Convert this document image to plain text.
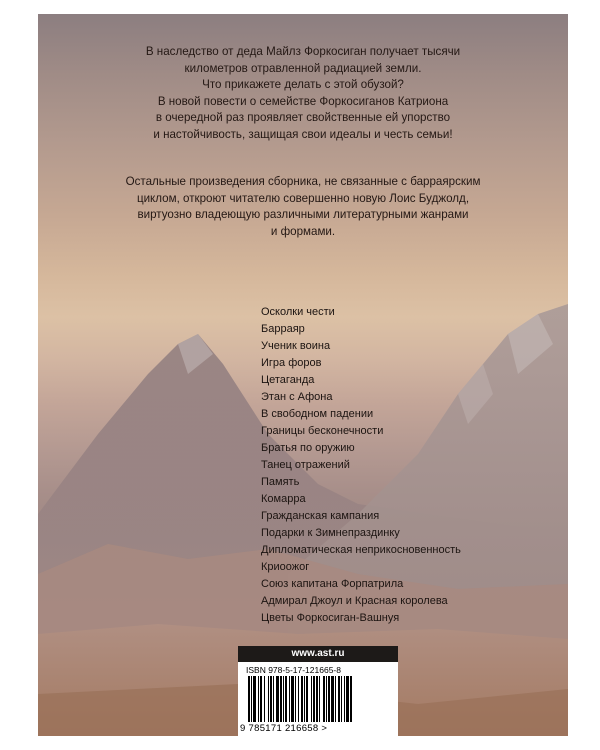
В наследство от деда Майлз Форкосиган получает тысячи
километров отравленной радиацией земли.
Что прикажете делать с этой обузой?
В новой повести о семействе Форкосиганов Катриона
в очередной раз проявляет свойственные ей упорство
и настойчивость, защищая свои идеалы и честь семьи!

Остальные произведения сборника, не связанные с барраярским
циклом, откроют читателю совершенно новую Лоис Буджолд,
виртуозно владеющую различными литературными жанрами
и формами.

Осколки чести
Барраяр
Ученик воина
Игра форов
Цетаганда
Этан с Афона
В свободном падении
Границы бесконечности
Братья по оружию
Танец отражений
Память
Комарра
Гражданская кампания
Подарки к Зимнепраздинку
Дипломатическая неприкосновенность
Криоожог
Союз капитана Форпатрила
Адмирал Джоул и Красная королева
Цветы Форкосиган-Вашнуя
www.ast.ru
ISBN 978-5-17-121665-8
9 785171 216658 >
